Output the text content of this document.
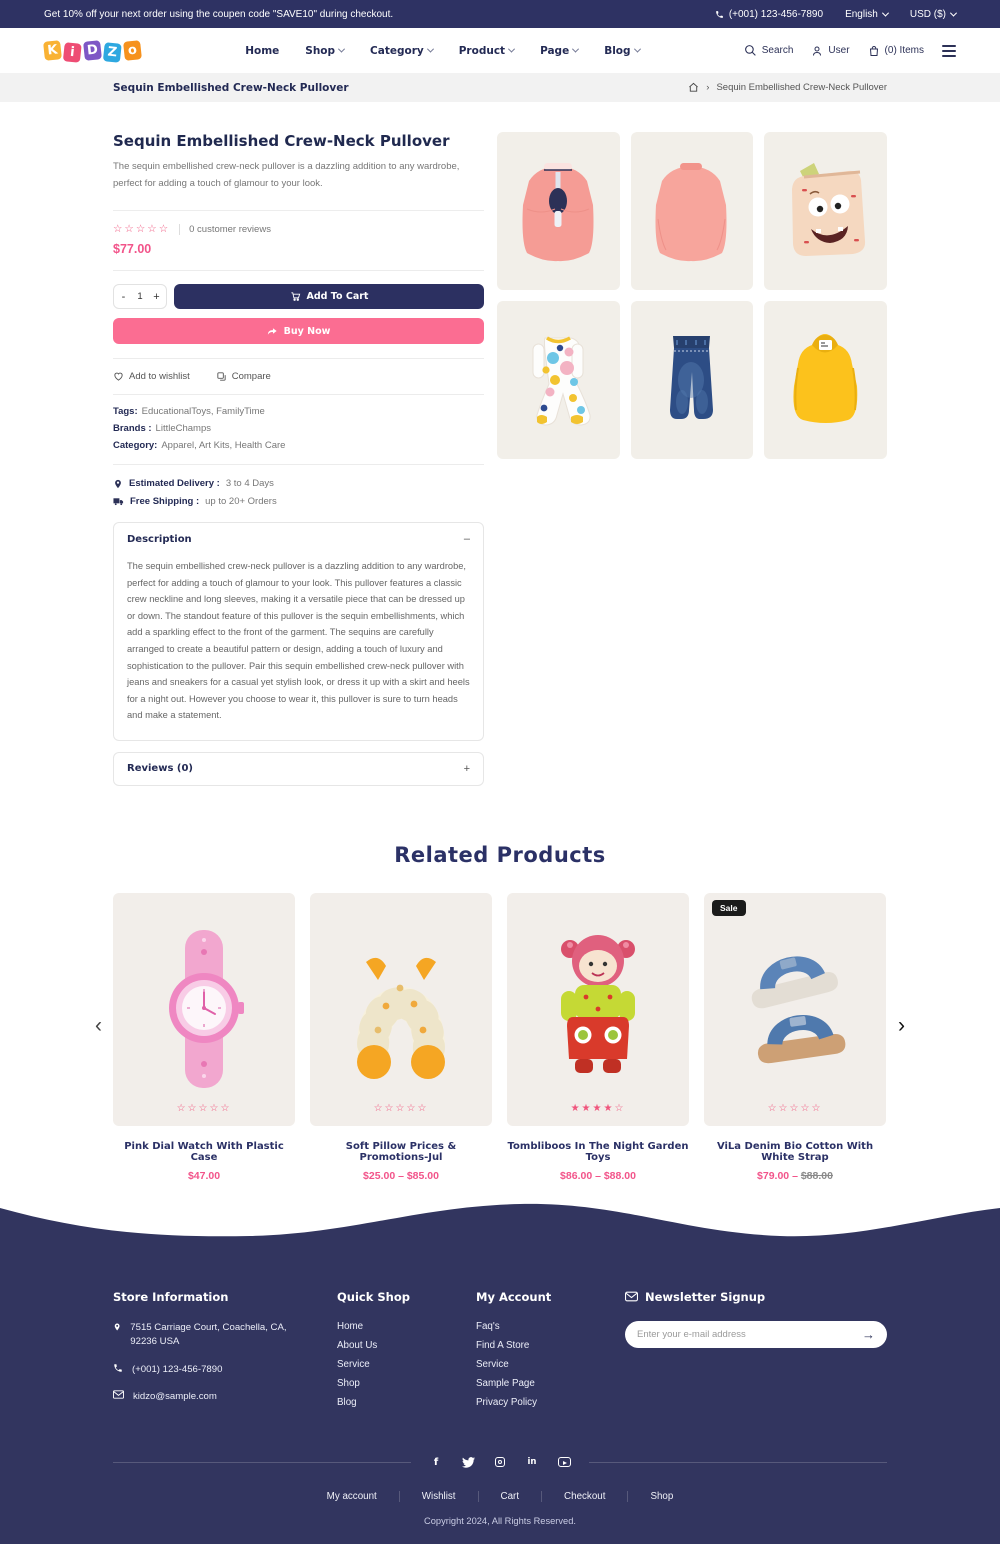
Get 10% off your next order using the coupen code "SAVE10" during checkout.	(+001) 123-456-7890 English	USD ($)
K i D Z o	Home Shop	Category	Product	Page	Blog	Search	User	(0) Items
Sequin Embellished Crew-Neck Pullover	› Sequin Embellished Crew-Neck Pullover
Sequin Embellished Crew-Neck Pullover

The sequin embellished crew-neck pullover is a dazzling addition to any wardrobe, perfect for adding a touch of glamour to your look.

☆☆☆☆☆	0 customer reviews
$77.00
-
1	+	Add To Cart
Buy Now
Add to wishlist	Compare
Tags: EducationalToys, FamilyTime
Brands : LittleChamps
Category: Apparel, Art Kits, Health Care
Estimated Delivery : 3 to 4 Days
Free Shipping : up to 20+ Orders
Description	–
The sequin embellished crew-neck pullover is a dazzling addition to any wardrobe, perfect for adding a touch of glamour to your look. This pullover features a classic crew neckline and long sleeves, making it a versatile piece that can be dressed up or down. The standout feature of this pullover is the sequin embellishments, which add a sparkling effect to the front of the garment. The sequins are carefully arranged to create a beautiful pattern or design, adding a touch of luxury and sophistication to the pullover. Pair this sequin embellished crew-neck pullover with jeans and sneakers for a casual yet stylish look, or dress it up with a skirt and heels for a night out. However you choose to wear it, this pullover is sure to turn heads and make a statement.
Reviews (0)	+
Related Products
‹	›
☆☆☆☆☆
Pink Dial Watch With Plastic Case
$47.00
☆☆☆☆☆
Soft Pillow Prices & Promotions-Jul
$25.00 – $85.00
★★★★☆
Tombliboos In The Night Garden Toys
$86.00 – $88.00
Sale
☆☆☆☆☆
ViLa Denim Bio Cotton With White Strap
$79.00 – $88.00
Store Information
7515 Carriage Court, Coachella, CA, 92236 USA
(+001) 123-456-7890
kidzo@sample.com
Quick Shop
Home
About Us
Service
Shop
Blog
My Account
Faq's
Find A Store
Service
Sample Page
Privacy Policy
Newsletter Signup
Enter your e-mail address
→
f	in
My account	Wishlist	Cart	Checkout	Shop
Copyright 2024, All Rights Reserved.
